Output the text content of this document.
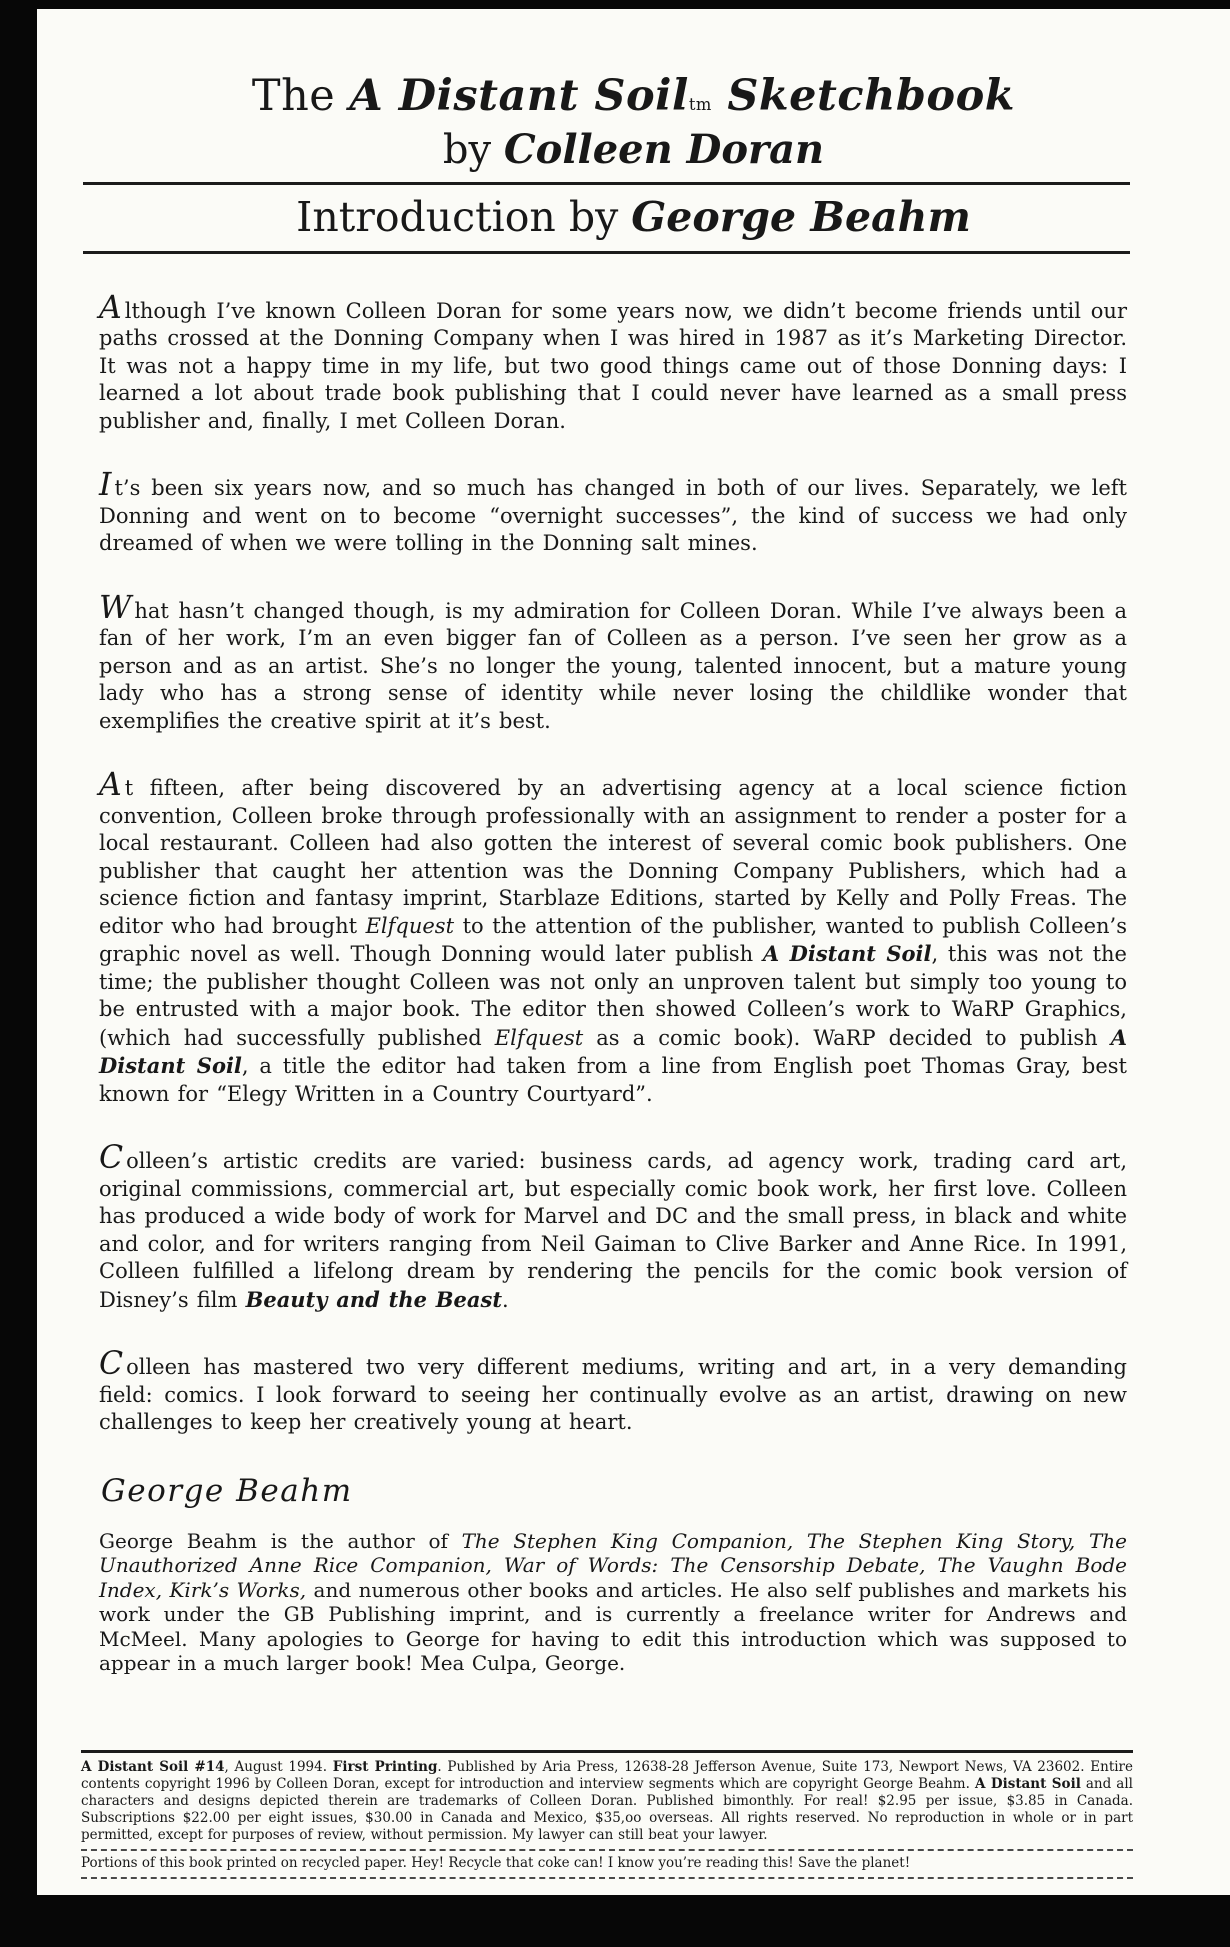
The A Distant Soiltm Sketchbook
by Colleen Doran
Introduction by George Beahm

Although I’ve known Colleen Doran for some years now, we didn’t become friends until our paths crossed at the Donning Company when I was hired in 1987 as it’s Marketing Director. It was not a happy time in my life, but two good things came out of those Donning days: I learned a lot about trade book publishing that I could never have learned as a small press publisher and, finally, I met Colleen Doran.

It’s been six years now, and so much has changed in both of our lives. Separately, we left Donning and went on to become “overnight successes”, the kind of success we had only dreamed of when we were tolling in the Donning salt mines.

What hasn’t changed though, is my admiration for Colleen Doran. While I’ve always been a fan of her work, I’m an even bigger fan of Colleen as a person. I’ve seen her grow as a person and as an artist. She’s no longer the young, talented innocent, but a mature young lady who has a strong sense of identity while never losing the childlike wonder that exemplifies the creative spirit at it’s best.

At fifteen, after being discovered by an advertising agency at a local science fiction convention, Colleen broke through professionally with an assignment to render a poster for a local restaurant. Colleen had also gotten the interest of several comic book publishers. One publisher that caught her attention was the Donning Company Publishers, which had a science fiction and fantasy imprint, Starblaze Editions, started by Kelly and Polly Freas. The editor who had brought Elfquest to the attention of the publisher, wanted to publish Colleen’s graphic novel as well. Though Donning would later publish A Distant Soil, this was not the time; the publisher thought Colleen was not only an unproven talent but simply too young to be entrusted with a major book. The editor then showed Colleen’s work to WaRP Graphics, (which had successfully published Elfquest as a comic book). WaRP decided to publish A Distant Soil, a title the editor had taken from a line from English poet Thomas Gray, best known for “Elegy Written in a Country Courtyard”.

Colleen’s artistic credits are varied: business cards, ad agency work, trading card art, original commissions, commercial art, but especially comic book work, her first love. Colleen has produced a wide body of work for Marvel and DC and the small press, in black and white and color, and for writers ranging from Neil Gaiman to Clive Barker and Anne Rice. In 1991, Colleen fulfilled a lifelong dream by rendering the pencils for the comic book version of Disney’s film Beauty and the Beast.

Colleen has mastered two very different mediums, writing and art, in a very demanding field: comics. I look forward to seeing her continually evolve as an artist, drawing on new challenges to keep her creatively young at heart.

George Beahm

George Beahm is the author of The Stephen King Companion, The Stephen King Story, The Unauthorized Anne Rice Companion, War of Words: The Censorship Debate, The Vaughn Bode Index, Kirk’s Works, and numerous other books and articles. He also self publishes and markets his work under the GB Publishing imprint, and is currently a freelance writer for Andrews and McMeel. Many apologies to George for having to edit this introduction which was supposed to appear in a much larger book! Mea Culpa, George.

A Distant Soil #14, August 1994. First Printing. Published by Aria Press, 12638-28 Jefferson Avenue, Suite 173, Newport News, VA 23602. Entire contents copyright 1996 by Colleen Doran, except for introduction and interview segments which are copyright George Beahm. A Distant Soil and all characters and designs depicted therein are trademarks of Colleen Doran. Published bimonthly. For real! $2.95 per issue, $3.85 in Canada. Subscriptions $22.00 per eight issues, $30.00 in Canada and Mexico, $35,oo overseas. All rights reserved. No reproduction in whole or in part permitted, except for purposes of review, without permission. My lawyer can still beat your lawyer.

Portions of this book printed on recycled paper. Hey! Recycle that coke can! I know you’re reading this! Save the planet!
